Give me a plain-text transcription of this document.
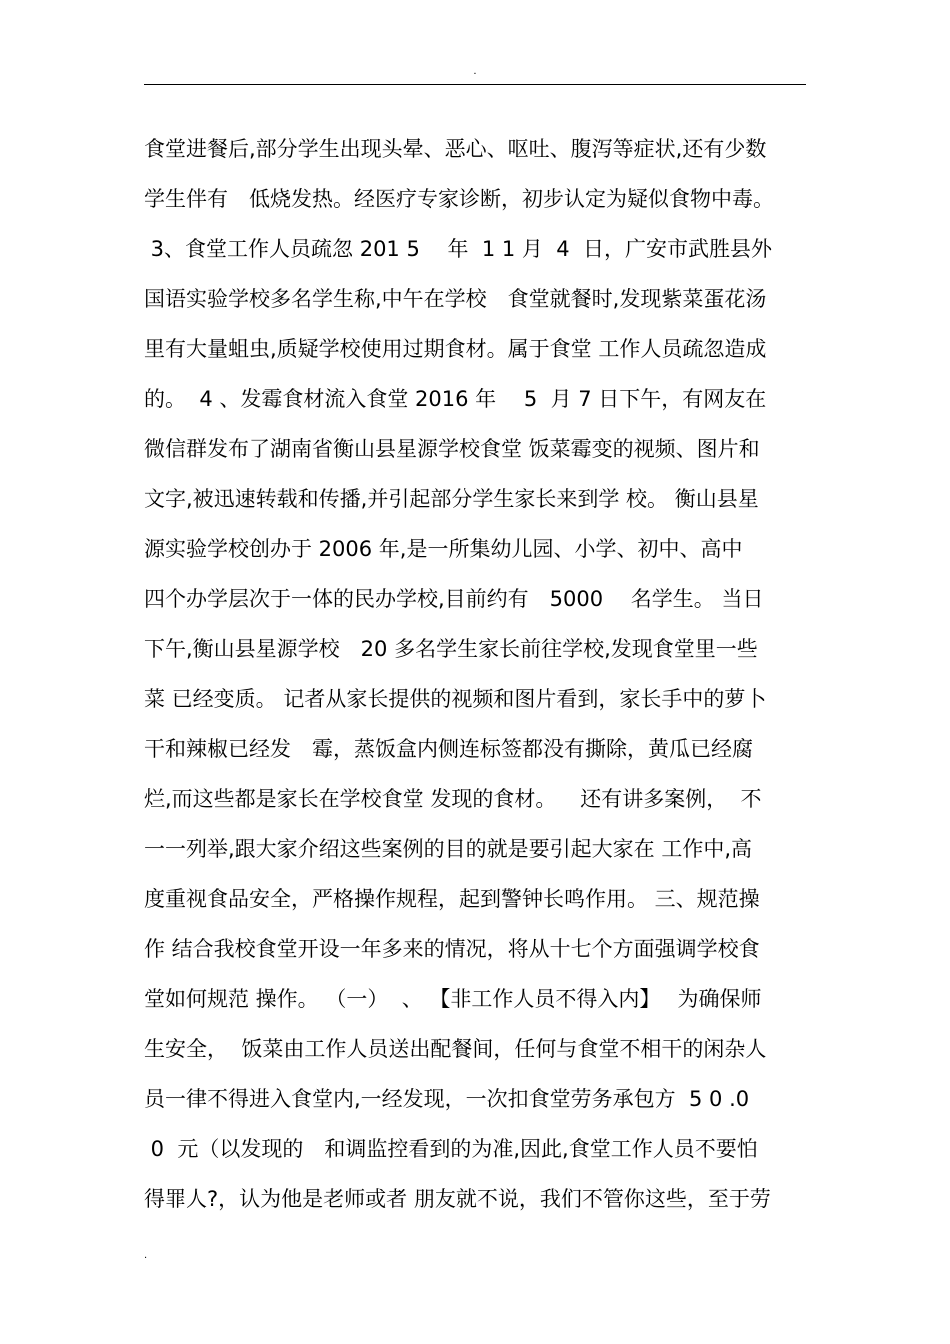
.
食堂进餐后,部分学生出现头晕、恶心、呕吐、腹泻等症状,还有少数
学生伴有　低烧发热。经医疗专家诊断，初步认定为疑似食物中毒。
3、食堂工作人员疏忽 201 5　 年  1 1 月  4  日，广安市武胜县外
国语实验学校多名学生称,中午在学校　食堂就餐时,发现紫菜蛋花汤
里有大量蛆虫,质疑学校使用过期食材。属于食堂 工作人员疏忽造成
的。  4 、发霉食材流入食堂 2016 年　 5  月 7 日下午，有网友在
微信群发布了湖南省衡山县星源学校食堂 饭菜霉变的视频、图片和
文字,被迅速转载和传播,并引起部分学生家长来到学 校。 衡山县星
源实验学校创办于 2006 年,是一所集幼儿园、小学、初中、高中
四个办学层次于一体的民办学校,目前约有　5000　 名学生。 当日
下午,衡山县星源学校　20 多名学生家长前往学校,发现食堂里一些
菜 已经变质。 记者从家长提供的视频和图片看到，家长手中的萝卜
干和辣椒已经发　霉，蒸饭盒内侧连标签都没有撕除，黄瓜已经腐
烂,而这些都是家长在学校食堂 发现的食材。　  还有讲多案例，  不
一一列举,跟大家介绍这些案例的目的就是要引起大家在 工作中,高
度重视食品安全，严格操作规程，起到警钟长鸣作用。 三、规范操
作 结合我校食堂开设一年多来的情况，将从十七个方面强调学校食
堂如何规范 操作。 （一）  、 【非工作人员不得入内】　 为确保师
生安全，  饭菜由工作人员送出配餐间，任何与食堂不相干的闲杂人
员一律不得进入食堂内,一经发现，一次扣食堂劳务承包方  5 0 .0
0  元（以发现的　和调监控看到的为准,因此,食堂工作人员不要怕
得罪人?，认为他是老师或者 朋友就不说，我们不管你这些，至于劳
.
